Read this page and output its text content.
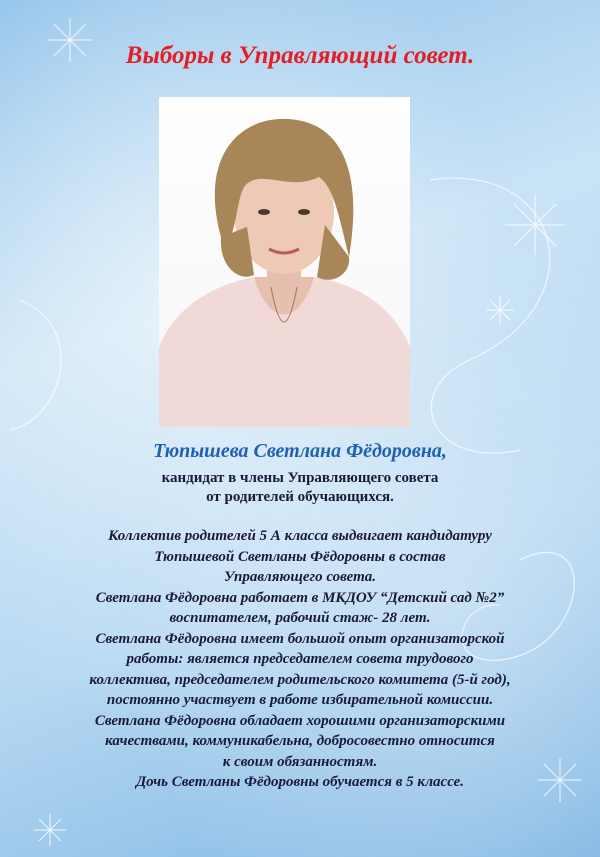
Выборы в Управляющий совет.
Тюпышева Светлана Фёдоровна,
кандидат в члены Управляющего совета
от родителей обучающихся.
Коллектив родителей 5 А класса выдвигает кандидатуру
Тюпышевой Светланы Фёдоровны в состав
Управляющего совета.
Светлана Фёдоровна работает в МКДОУ “Детский сад №2”
воспитателем, рабочий стаж- 28 лет.
Светлана Фёдоровна имеет большой опыт организаторской
работы: является председателем совета трудового
коллектива, председателем родительского комитета (5-й год),
постоянно участвует в работе избирательной комиссии.
Светлана Фёдоровна обладает хорошими организаторскими
качествами, коммуникабельна, добросовестно относится
к своим обязанностям.
Дочь Светланы Фёдоровны обучается в 5 классе.
